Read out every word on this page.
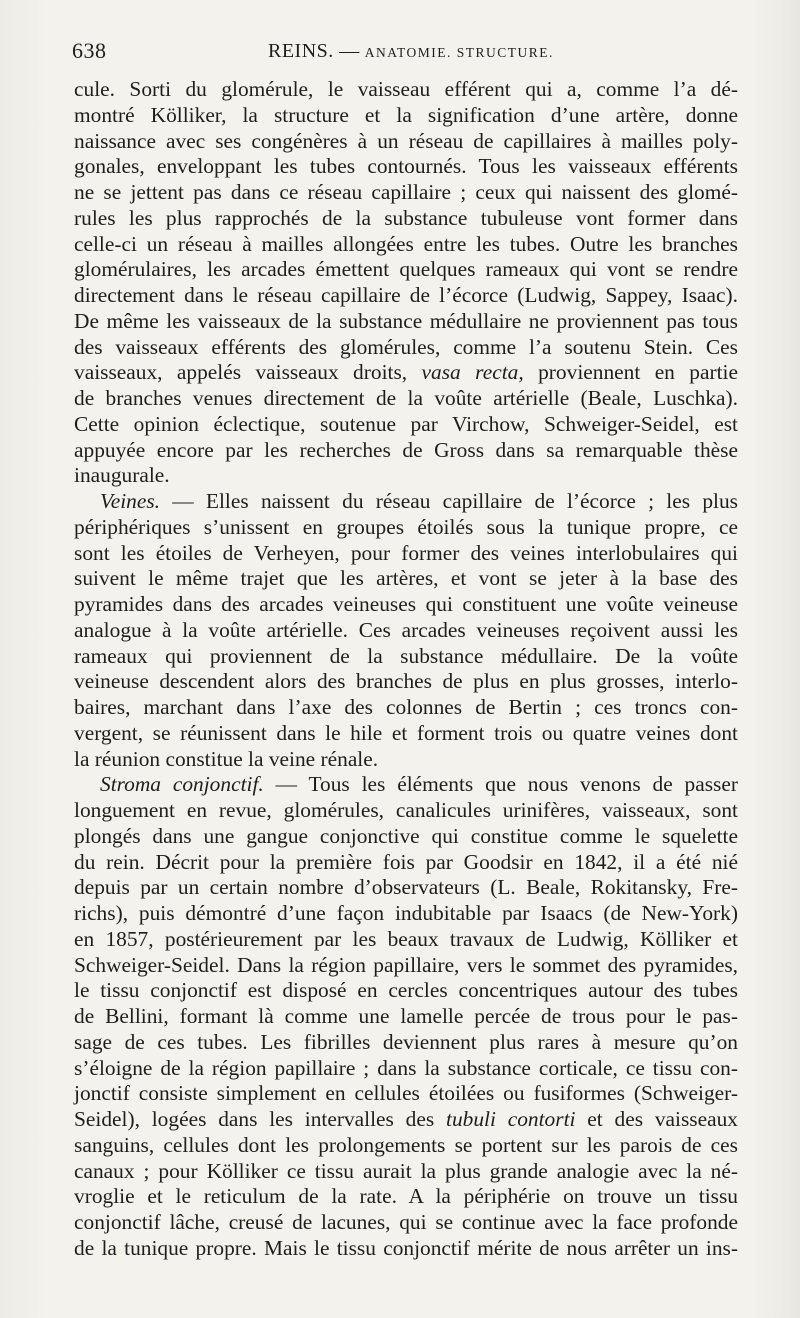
638	REINS. — ANATOMIE. STRUCTURE.
cule. Sorti du glomérule, le vaisseau efférent qui a, comme l’a dé-
montré Kölliker, la structure et la signification d’une artère, donne
naissance avec ses congénères à un réseau de capillaires à mailles poly-
gonales, enveloppant les tubes contournés. Tous les vaisseaux efférents
ne se jettent pas dans ce réseau capillaire ; ceux qui naissent des glomé-
rules les plus rapprochés de la substance tubuleuse vont former dans
celle-ci un réseau à mailles allongées entre les tubes. Outre les branches
glomérulaires, les arcades émettent quelques rameaux qui vont se rendre
directement dans le réseau capillaire de l’écorce (Ludwig, Sappey, Isaac).
De même les vaisseaux de la substance médullaire ne proviennent pas tous
des vaisseaux efférents des glomérules, comme l’a soutenu Stein. Ces
vaisseaux, appelés vaisseaux droits, vasa recta, proviennent en partie
de branches venues directement de la voûte artérielle (Beale, Luschka).
Cette opinion éclectique, soutenue par Virchow, Schweiger-Seidel, est
appuyée encore par les recherches de Gross dans sa remarquable thèse
inaugurale.
Veines. — Elles naissent du réseau capillaire de l’écorce ; les plus
périphériques s’unissent en groupes étoilés sous la tunique propre, ce
sont les étoiles de Verheyen, pour former des veines interlobulaires qui
suivent le même trajet que les artères, et vont se jeter à la base des
pyramides dans des arcades veineuses qui constituent une voûte veineuse
analogue à la voûte artérielle. Ces arcades veineuses reçoivent aussi les
rameaux qui proviennent de la substance médullaire. De la voûte
veineuse descendent alors des branches de plus en plus grosses, interlo-
baires, marchant dans l’axe des colonnes de Bertin ; ces troncs con-
vergent, se réunissent dans le hile et forment trois ou quatre veines dont
la réunion constitue la veine rénale.
Stroma conjonctif. — Tous les éléments que nous venons de passer
longuement en revue, glomérules, canalicules urinifères, vaisseaux, sont
plongés dans une gangue conjonctive qui constitue comme le squelette
du rein. Décrit pour la première fois par Goodsir en 1842, il a été nié
depuis par un certain nombre d’observateurs (L. Beale, Rokitansky, Fre-
richs), puis démontré d’une façon indubitable par Isaacs (de New-York)
en 1857, postérieurement par les beaux travaux de Ludwig, Kölliker et
Schweiger-Seidel. Dans la région papillaire, vers le sommet des pyramides,
le tissu conjonctif est disposé en cercles concentriques autour des tubes
de Bellini, formant là comme une lamelle percée de trous pour le pas-
sage de ces tubes. Les fibrilles deviennent plus rares à mesure qu’on
s’éloigne de la région papillaire ; dans la substance corticale, ce tissu con-
jonctif consiste simplement en cellules étoilées ou fusiformes (Schweiger-
Seidel), logées dans les intervalles des tubuli contorti et des vaisseaux
sanguins, cellules dont les prolongements se portent sur les parois de ces
canaux ; pour Kölliker ce tissu aurait la plus grande analogie avec la né-
vroglie et le reticulum de la rate. A la périphérie on trouve un tissu
conjonctif lâche, creusé de lacunes, qui se continue avec la face profonde
de la tunique propre. Mais le tissu conjonctif mérite de nous arrêter un ins-
